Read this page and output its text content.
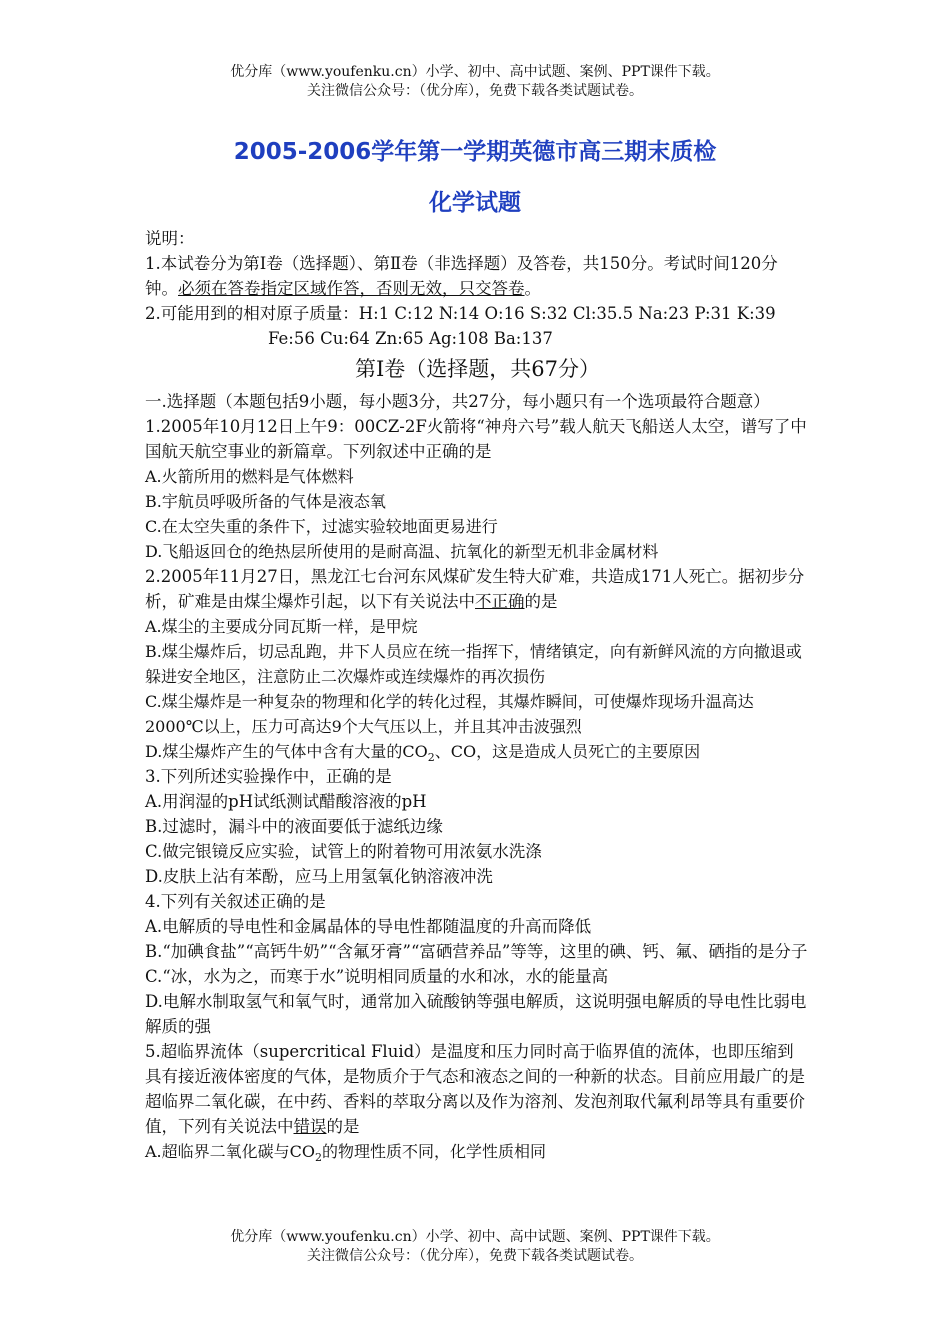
优分库（www.youfenku.cn）小学、初中、高中试题、案例、PPT课件下载。
关注微信公众号：（优分库），免费下载各类试题试卷。
2005-2006学年第一学期英德市高三期末质检
化学试题

说明：

1.本试卷分为第Ⅰ卷（选择题）、第Ⅱ卷（非选择题）及答卷，共150分。考试时间120分钟。必须在答卷指定区域作答，否则无效，只交答卷。

2.可能用到的相对原子质量：H:1 C:12 N:14 O:16 S:32 Cl:35.5 Na:23 P:31 K:39

Fe:56 Cu:64 Zn:65 Ag:108 Ba:137

第Ⅰ卷（选择题，共67分）

一.选择题（本题包括9小题，每小题3分，共27分，每小题只有一个选项最符合题意）

1.2005年10月12日上午9：00CZ-2F火箭将“神舟六号”载人航天飞船送人太空，谱写了中国航天航空事业的新篇章。下列叙述中正确的是

A.火箭所用的燃料是气体燃料

B.宇航员呼吸所备的气体是液态氧

C.在太空失重的条件下，过滤实验较地面更易进行

D.飞船返回仓的绝热层所使用的是耐高温、抗氧化的新型无机非金属材料

2.2005年11月27日，黑龙江七台河东风煤矿发生特大矿难，共造成171人死亡。据初步分析，矿难是由煤尘爆炸引起，以下有关说法中不正确的是

A.煤尘的主要成分同瓦斯一样，是甲烷

B.煤尘爆炸后，切忌乱跑，井下人员应在统一指挥下，情绪镇定，向有新鲜风流的方向撤退或躲进安全地区，注意防止二次爆炸或连续爆炸的再次损伤

C.煤尘爆炸是一种复杂的物理和化学的转化过程，其爆炸瞬间，可使爆炸现场升温高达2000℃以上，压力可高达9个大气压以上，并且其冲击波强烈

D.煤尘爆炸产生的气体中含有大量的$CO_2$、CO，这是造成人员死亡的主要原因

3.下列所述实验操作中，正确的是

A.用润湿的pH试纸测试醋酸溶液的pH

B.过滤时，漏斗中的液面要低于滤纸边缘

C.做完银镜反应实验，试管上的附着物可用浓氨水洗涤

D.皮肤上沾有苯酚，应马上用氢氧化钠溶液冲洗

4.下列有关叙述正确的是

A.电解质的导电性和金属晶体的导电性都随温度的升高而降低

B.“加碘食盐”“高钙牛奶”“含氟牙膏”“富硒营养品”等等，这里的碘、钙、氟、硒指的是分子

C.“冰，水为之，而寒于水”说明相同质量的水和冰，水的能量高

D.电解水制取氢气和氧气时，通常加入硫酸钠等强电解质，这说明强电解质的导电性比弱电解质的强

5.超临界流体（supercritical Fluid）是温度和压力同时高于临界值的流体，也即压缩到具有接近液体密度的气体，是物质介于气态和液态之间的一种新的状态。目前应用最广的是超临界二氧化碳，在中药、香料的萃取分离以及作为溶剂、发泡剂取代氟利昂等具有重要价值，下列有关说法中错误的是

A.超临界二氧化碳与$CO_2$的物理性质不同，化学性质相同

优分库（www.youfenku.cn）小学、初中、高中试题、案例、PPT课件下载。
关注微信公众号：（优分库），免费下载各类试题试卷。
